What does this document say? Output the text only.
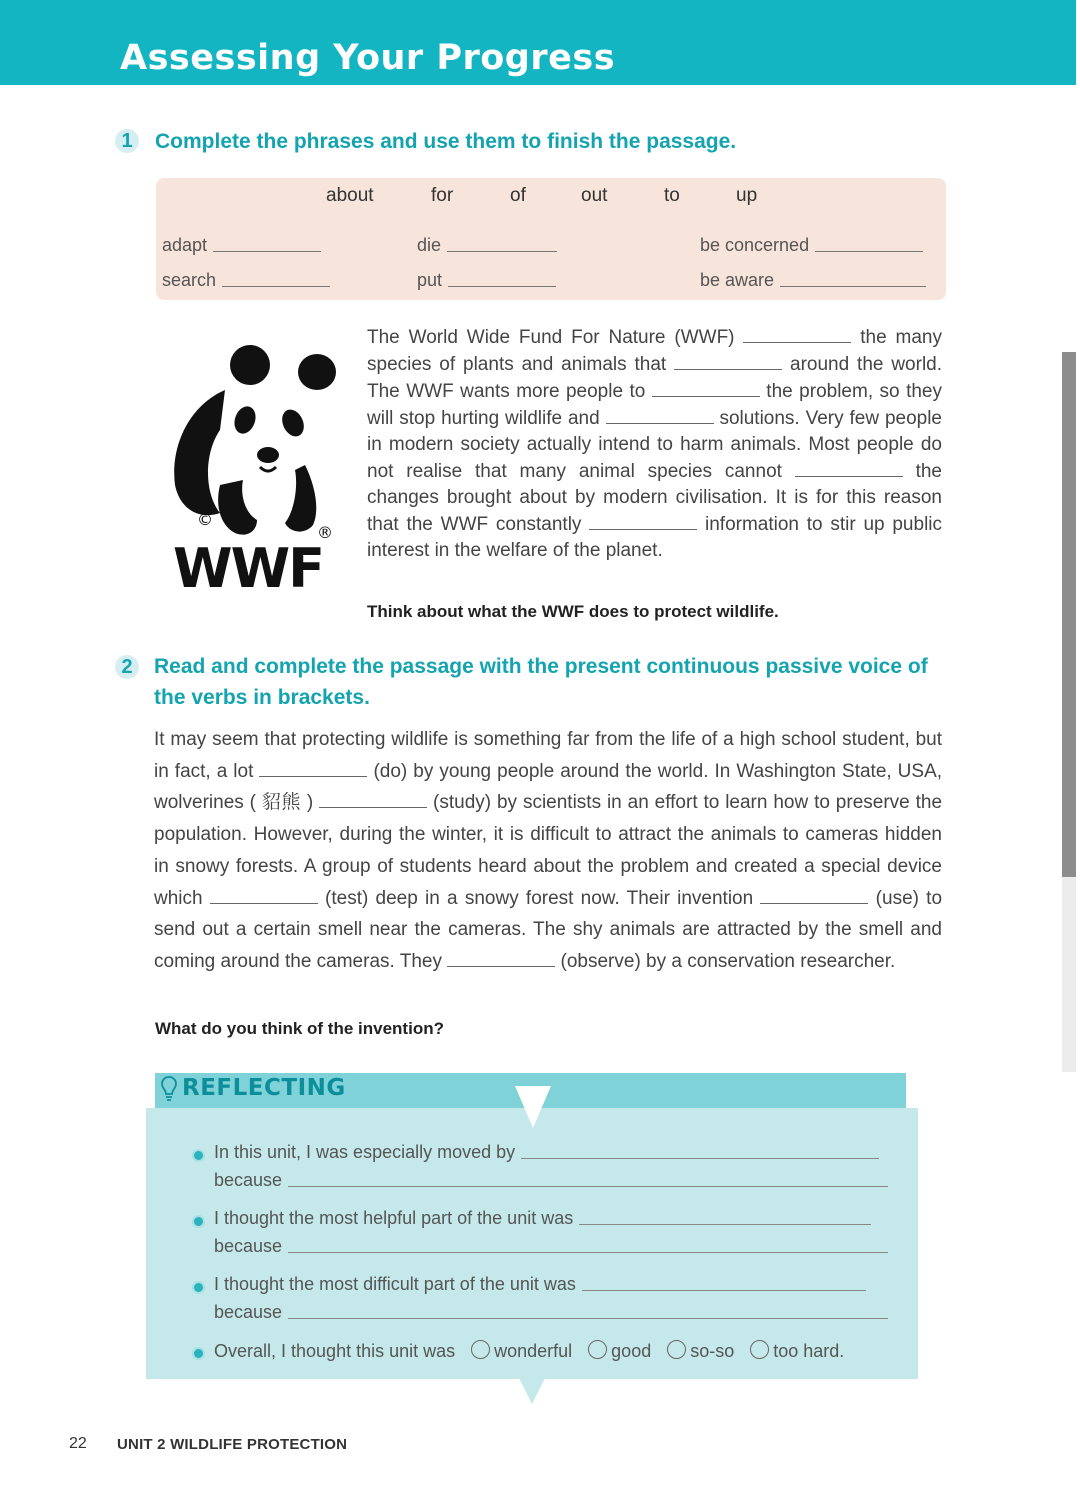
Assessing Your Progress
1	Complete the phrases and use them to finish the passage.
about	for	of	out	to	up
adapt	die	be concerned
search	put	be aware
©
®
WWF
The World Wide Fund For Nature (WWF)	the many species of plants and animals that	around the world. The WWF wants more people to	the problem, so they will stop hurting wildlife and	solutions. Very few people in modern society actually intend to harm animals. Most people do not realise that many animal species cannot	the changes brought about by modern civilisation. It is for this reason that the WWF constantly	information to stir up public interest in the welfare of the planet.
Think about what the WWF does to protect wildlife.
2	Read and complete the passage with the present continuous passive voice of the verbs in brackets.
It may seem that protecting wildlife is something far from the life of a high school student, but in fact, a lot	(do) by young people around the world. In Washington State, USA, wolverines ( 貂熊 )	(study) by scientists in an effort to learn how to preserve the population. However, during the winter, it is difficult to attract the animals to cameras hidden in snowy forests. A group of students heard about the problem and created a special device which	(test) deep in a snowy forest now. Their invention	(use) to send out a certain smell near the cameras. The shy animals are attracted by the smell and coming around the cameras. They	(observe) by a conservation researcher.
What do you think of the invention?
REFLECTING
In this unit, I was especially moved by
because
I thought the most helpful part of the unit was
because
I thought the most difficult part of the unit was
because
Overall, I thought this unit was wonderful good so-so too hard.
22 UNIT 2 WILDLIFE PROTECTION
